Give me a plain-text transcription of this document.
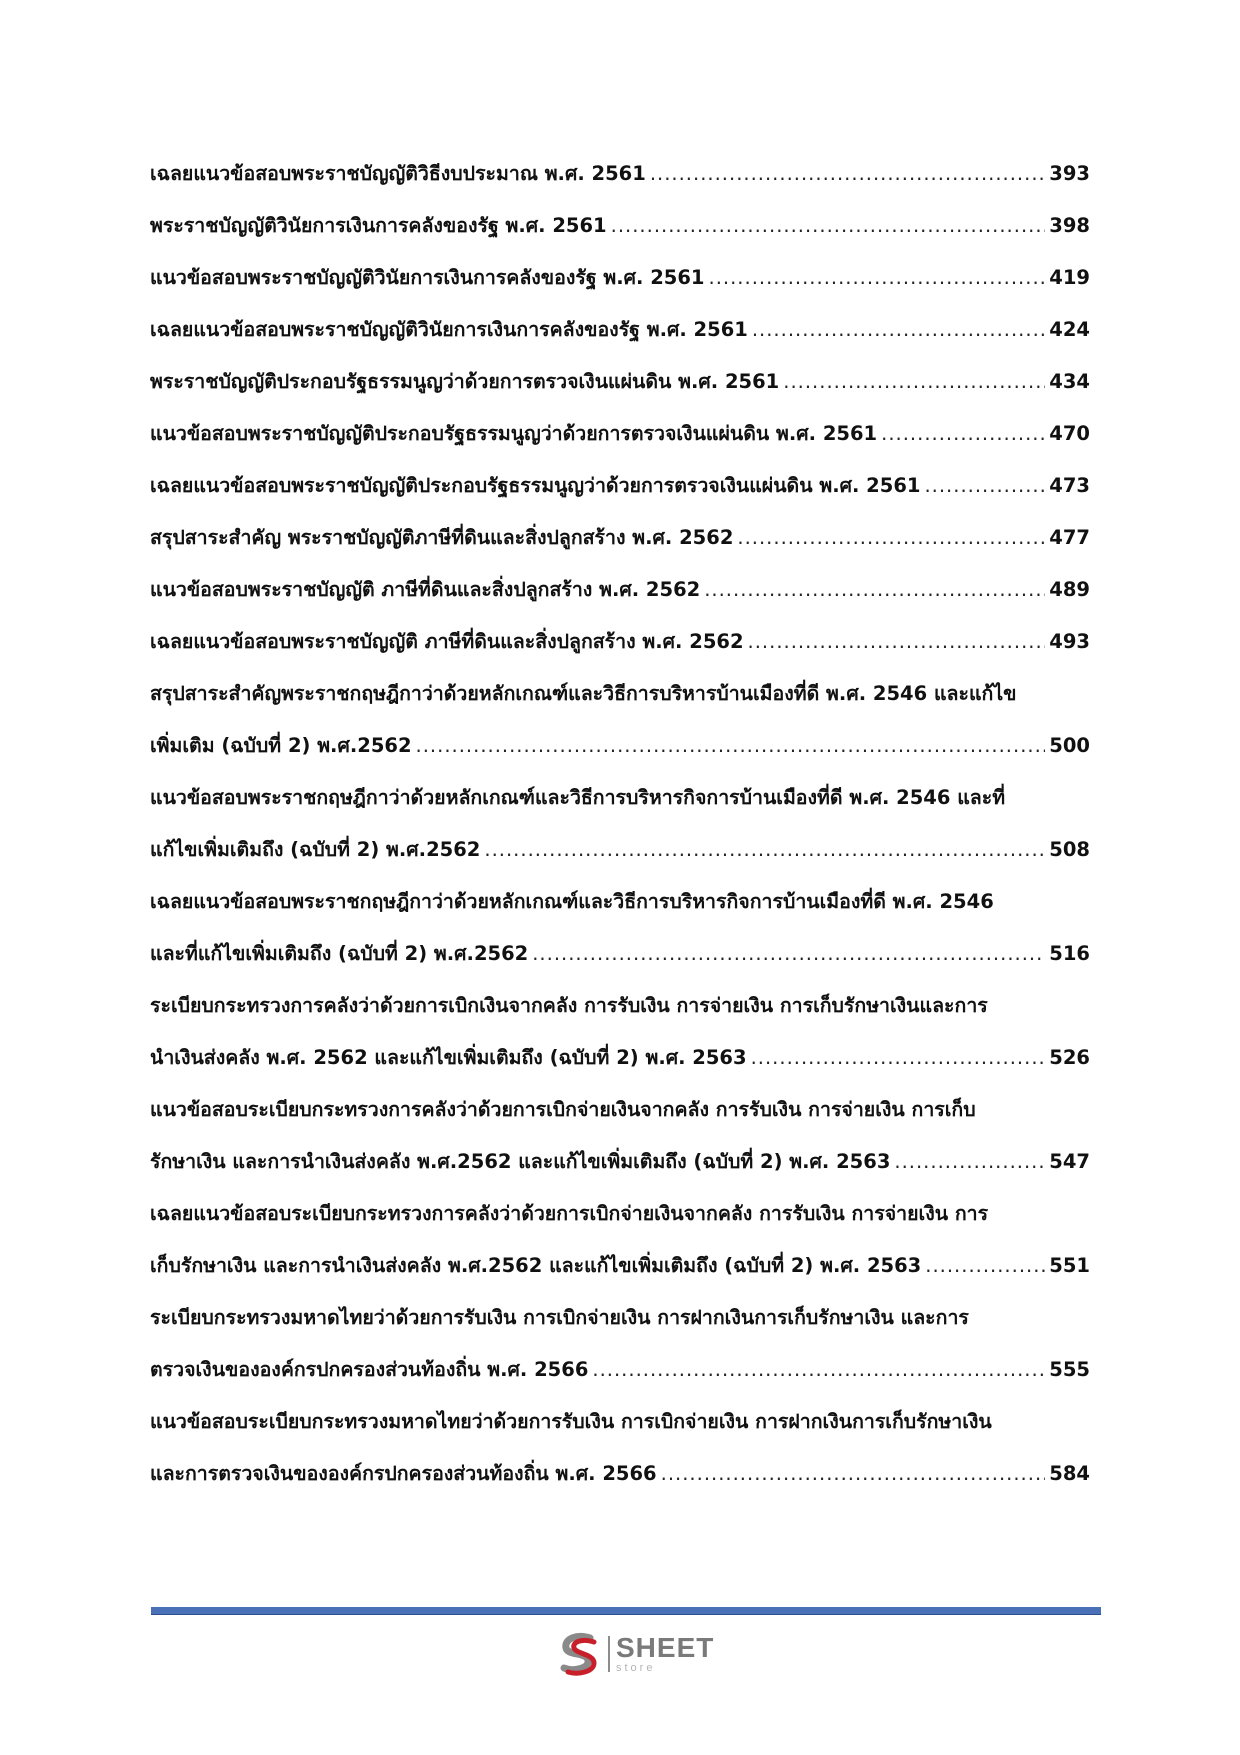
เฉลยแนวข้อสอบพระราชบัญญัติวิธีงบประมาณ พ.ศ. 2561 .....	393
พระราชบัญญัติวินัยการเงินการคลังของรัฐ พ.ศ. 2561 .....	398
แนวข้อสอบพระราชบัญญัติวินัยการเงินการคลังของรัฐ พ.ศ. 2561 .....	419
เฉลยแนวข้อสอบพระราชบัญญัติวินัยการเงินการคลังของรัฐ พ.ศ. 2561 .....	424
พระราชบัญญัติประกอบรัฐธรรมนูญว่าด้วยการตรวจเงินแผ่นดิน พ.ศ. 2561 .....	434
แนวข้อสอบพระราชบัญญัติประกอบรัฐธรรมนูญว่าด้วยการตรวจเงินแผ่นดิน พ.ศ. 2561 .....	470
เฉลยแนวข้อสอบพระราชบัญญัติประกอบรัฐธรรมนูญว่าด้วยการตรวจเงินแผ่นดิน พ.ศ. 2561 .....	473
สรุปสาระสำคัญ พระราชบัญญัติภาษีที่ดินและสิ่งปลูกสร้าง พ.ศ. 2562 .....	477
แนวข้อสอบพระราชบัญญัติ ภาษีที่ดินและสิ่งปลูกสร้าง พ.ศ. 2562 .....	489
เฉลยแนวข้อสอบพระราชบัญญัติ ภาษีที่ดินและสิ่งปลูกสร้าง พ.ศ. 2562 .....	493
สรุปสาระสำคัญพระราชกฤษฎีกาว่าด้วยหลักเกณฑ์และวิธีการบริหารบ้านเมืองที่ดี พ.ศ. 2546 และแก้ไข
เพิ่มเติม (ฉบับที่ 2) พ.ศ.2562 .....	500
แนวข้อสอบพระราชกฤษฎีกาว่าด้วยหลักเกณฑ์และวิธีการบริหารกิจการบ้านเมืองที่ดี พ.ศ. 2546 และที่
แก้ไขเพิ่มเติมถึง (ฉบับที่ 2) พ.ศ.2562 .....	508
เฉลยแนวข้อสอบพระราชกฤษฎีกาว่าด้วยหลักเกณฑ์และวิธีการบริหารกิจการบ้านเมืองที่ดี พ.ศ. 2546
และที่แก้ไขเพิ่มเติมถึง (ฉบับที่ 2) พ.ศ.2562 .....	516
ระเบียบกระทรวงการคลังว่าด้วยการเบิกเงินจากคลัง การรับเงิน การจ่ายเงิน การเก็บรักษาเงินและการ
นำเงินส่งคลัง พ.ศ. 2562 และแก้ไขเพิ่มเติมถึง (ฉบับที่ 2) พ.ศ. 2563 .....	526
แนวข้อสอบระเบียบกระทรวงการคลังว่าด้วยการเบิกจ่ายเงินจากคลัง การรับเงิน การจ่ายเงิน การเก็บ
รักษาเงิน และการนำเงินส่งคลัง พ.ศ.2562 และแก้ไขเพิ่มเติมถึง (ฉบับที่ 2) พ.ศ. 2563 .....	547
เฉลยแนวข้อสอบระเบียบกระทรวงการคลังว่าด้วยการเบิกจ่ายเงินจากคลัง การรับเงิน การจ่ายเงิน การ
เก็บรักษาเงิน และการนำเงินส่งคลัง พ.ศ.2562 และแก้ไขเพิ่มเติมถึง (ฉบับที่ 2) พ.ศ. 2563 .....	551
ระเบียบกระทรวงมหาดไทยว่าด้วยการรับเงิน การเบิกจ่ายเงิน การฝากเงินการเก็บรักษาเงิน และการ
ตรวจเงินขององค์กรปกครองส่วนท้องถิ่น พ.ศ. 2566 .....	555
แนวข้อสอบระเบียบกระทรวงมหาดไทยว่าด้วยการรับเงิน การเบิกจ่ายเงิน การฝากเงินการเก็บรักษาเงิน
และการตรวจเงินขององค์กรปกครองส่วนท้องถิ่น พ.ศ. 2566 .....	584
SHEET
store
